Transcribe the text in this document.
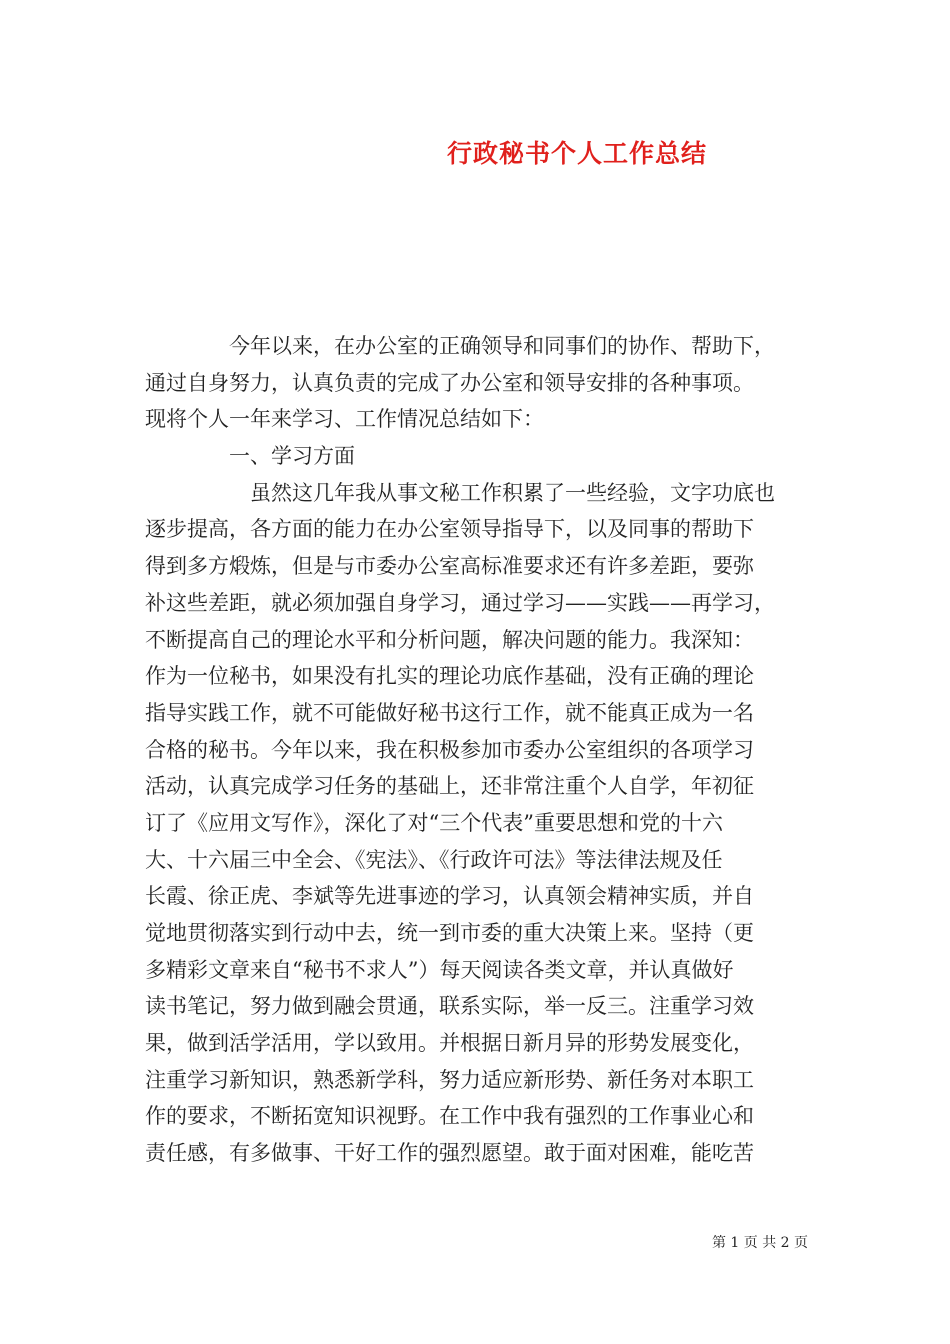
行政秘书个人工作总结
　　　　今年以来，在办公室的正确领导和同事们的协作、帮助下，
通过自身努力，认真负责的完成了办公室和领导安排的各种事项。
现将个人一年来学习、工作情况总结如下：
　　　　一、学习方面
　　　　　虽然这几年我从事文秘工作积累了一些经验，文字功底也
逐步提高，各方面的能力在办公室领导指导下，以及同事的帮助下
得到多方煅炼，但是与市委办公室高标准要求还有许多差距，要弥
补这些差距，就必须加强自身学习，通过学习——实践——再学习，
不断提高自己的理论水平和分析问题，解决问题的能力。我深知：
作为一位秘书，如果没有扎实的理论功底作基础，没有正确的理论
指导实践工作，就不可能做好秘书这行工作，就不能真正成为一名
合格的秘书。今年以来，我在积极参加市委办公室组织的各项学习
活动，认真完成学习任务的基础上，还非常注重个人自学，年初征
订了《应用文写作》，深化了对“三个代表”重要思想和党的十六
大、十六届三中全会、《宪法》、《行政许可法》等法律法规及任
长霞、徐正虎、李斌等先进事迹的学习，认真领会精神实质，并自
觉地贯彻落实到行动中去，统一到市委的重大决策上来。坚持（更
多精彩文章来自“秘书不求人”）每天阅读各类文章，并认真做好
读书笔记，努力做到融会贯通，联系实际，举一反三。注重学习效
果，做到活学活用，学以致用。并根据日新月异的形势发展变化，
注重学习新知识，熟悉新学科，努力适应新形势、新任务对本职工
作的要求，不断拓宽知识视野。在工作中我有强烈的工作事业心和
责任感，有多做事、干好工作的强烈愿望。敢于面对困难，能吃苦
第 1 页 共 2 页
